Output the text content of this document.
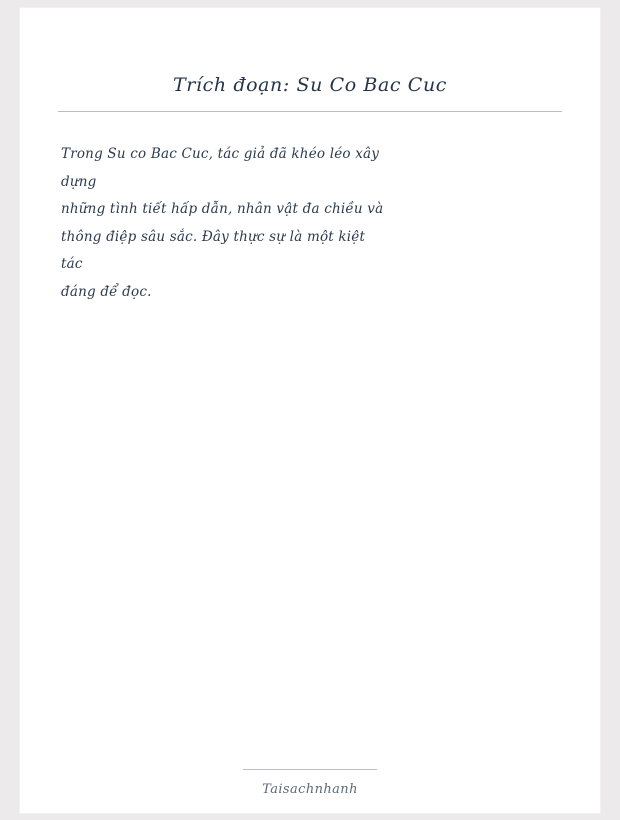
Trích đoạn: Su Co Bac Cuc
Trong Su co Bac Cuc, tác giả đã khéo léo xây
dựng
những tình tiết hấp dẫn, nhân vật đa chiều và
thông điệp sâu sắc. Đây thực sự là một kiệt
tác
đáng để đọc.
Taisachnhanh
